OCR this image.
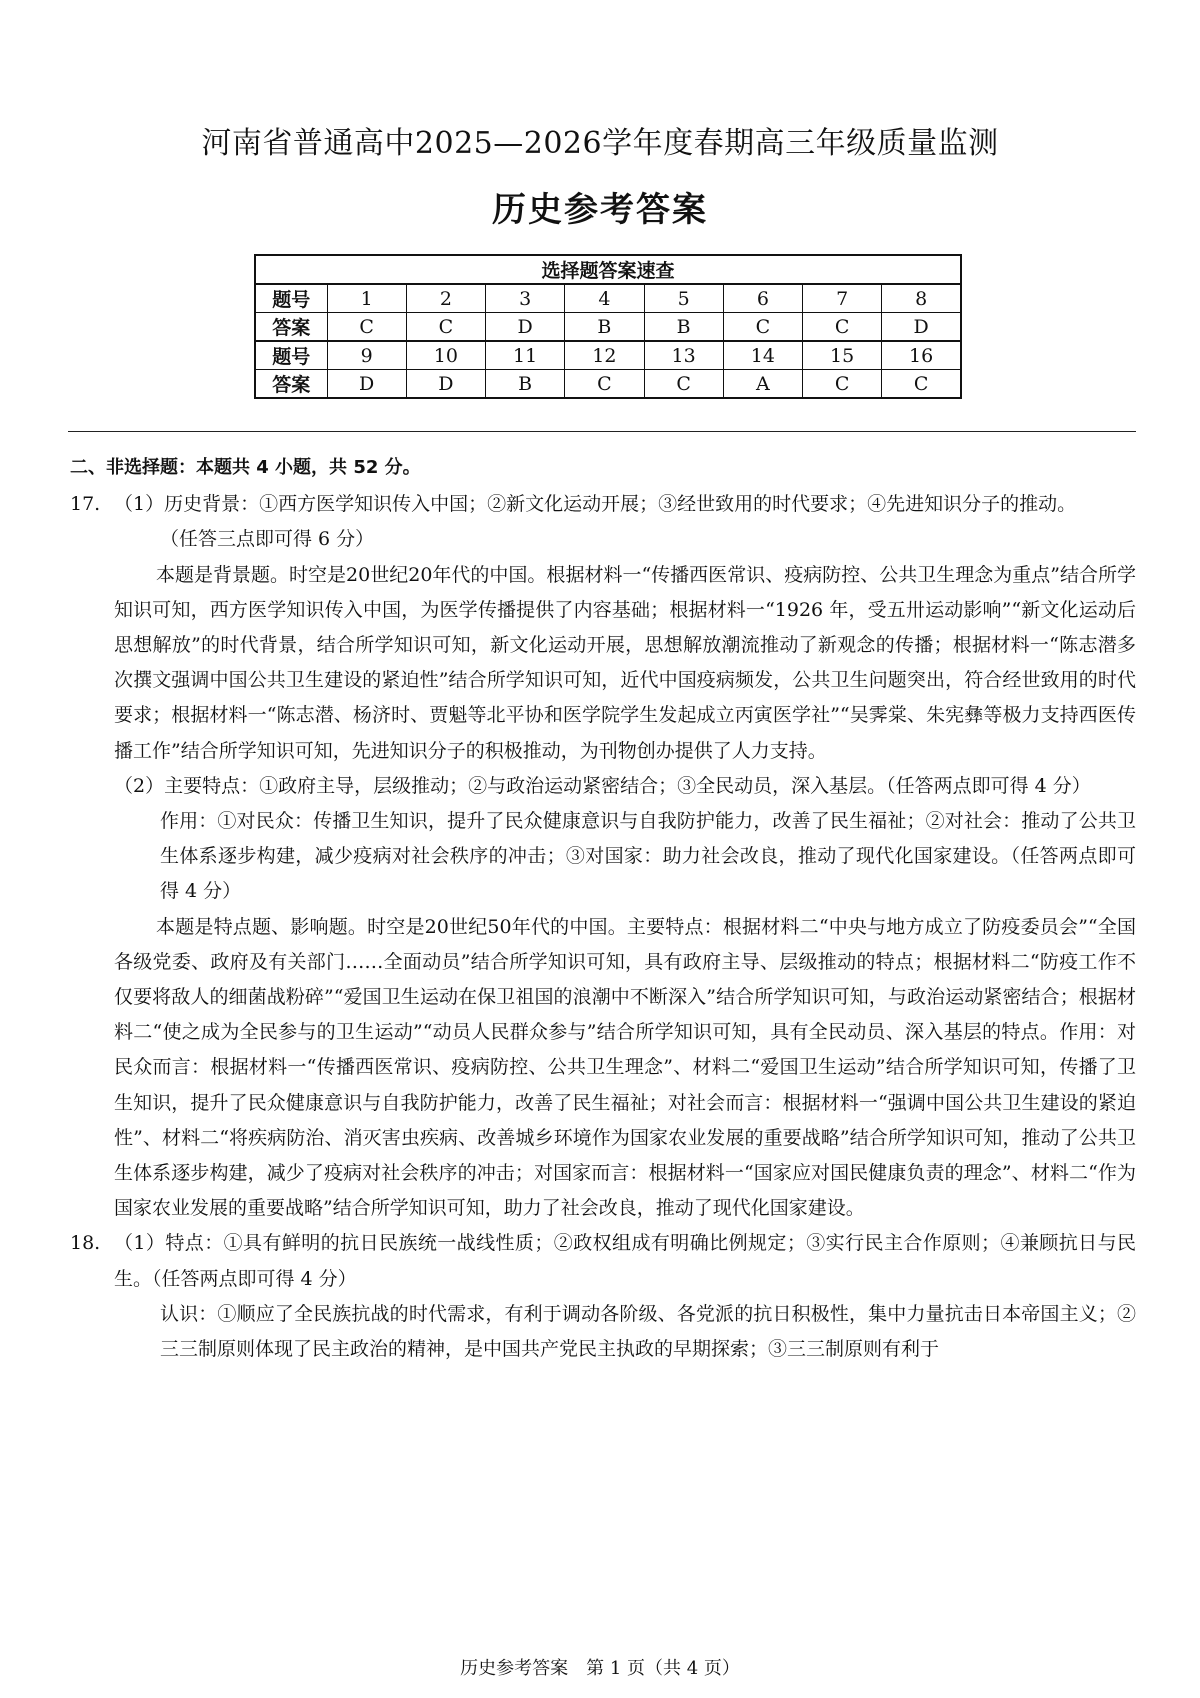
河南省普通高中2025—2026学年度春期高三年级质量监测
历史参考答案
选择题答案速查								
题号	1	2	3	4	5	6	7	8
答案	C	C	D	B	B	C	C	D
题号	9	10	11	12	13	14	15	16
答案	D	D	B	C	C	A	C	C
二、非选择题：本题共 4 小题，共 52 分。
17. （1）历史背景：①西方医学知识传入中国；②新文化运动开展；③经世致用的时代要求；④先进知识分子的推动。
（任答三点即可得 6 分）

本题是背景题。时空是20世纪20年代的中国。根据材料一“传播西医常识、疫病防控、公共卫生理念为重点”结合所学知识可知，西方医学知识传入中国，为医学传播提供了内容基础；根据材料一“1926 年，受五卅运动影响”“新文化运动后思想解放”的时代背景，结合所学知识可知，新文化运动开展，思想解放潮流推动了新观念的传播；根据材料一“陈志潜多次撰文强调中国公共卫生建设的紧迫性”结合所学知识可知，近代中国疫病频发，公共卫生问题突出，符合经世致用的时代要求；根据材料一“陈志潜、杨济时、贾魁等北平协和医学院学生发起成立丙寅医学社”“吴霁棠、朱宪彝等极力支持西医传播工作”结合所学知识可知，先进知识分子的积极推动，为刊物创办提供了人力支持。

（2）主要特点：①政府主导，层级推动；②与政治运动紧密结合；③全民动员，深入基层。（任答两点即可得 4 分）

作用：①对民众：传播卫生知识，提升了民众健康意识与自我防护能力，改善了民生福祉；②对社会：推动了公共卫生体系逐步构建，减少疫病对社会秩序的冲击；③对国家：助力社会改良，推动了现代化国家建设。（任答两点即可得 4 分）

本题是特点题、影响题。时空是20世纪50年代的中国。主要特点：根据材料二“中央与地方成立了防疫委员会”“全国各级党委、政府及有关部门……全面动员”结合所学知识可知，具有政府主导、层级推动的特点；根据材料二“防疫工作不仅要将敌人的细菌战粉碎”“爱国卫生运动在保卫祖国的浪潮中不断深入”结合所学知识可知，与政治运动紧密结合；根据材料二“使之成为全民参与的卫生运动”“动员人民群众参与”结合所学知识可知，具有全民动员、深入基层的特点。作用：对民众而言：根据材料一“传播西医常识、疫病防控、公共卫生理念”、材料二“爱国卫生运动”结合所学知识可知，传播了卫生知识，提升了民众健康意识与自我防护能力，改善了民生福祉；对社会而言：根据材料一“强调中国公共卫生建设的紧迫性”、材料二“将疾病防治、消灭害虫疾病、改善城乡环境作为国家农业发展的重要战略”结合所学知识可知，推动了公共卫生体系逐步构建，减少了疫病对社会秩序的冲击；对国家而言：根据材料一“国家应对国民健康负责的理念”、材料二“作为国家农业发展的重要战略”结合所学知识可知，助力了社会改良，推动了现代化国家建设。

18. （1）特点：①具有鲜明的抗日民族统一战线性质；②政权组成有明确比例规定；③实行民主合作原则；④兼顾抗日与民生。（任答两点即可得 4 分）

认识：①顺应了全民族抗战的时代需求，有利于调动各阶级、各党派的抗日积极性，集中力量抗击日本帝国主义；②三三制原则体现了民主政治的精神，是中国共产党民主执政的早期探索；③三三制原则有利于

历史参考答案　第 1 页（共 4 页）
